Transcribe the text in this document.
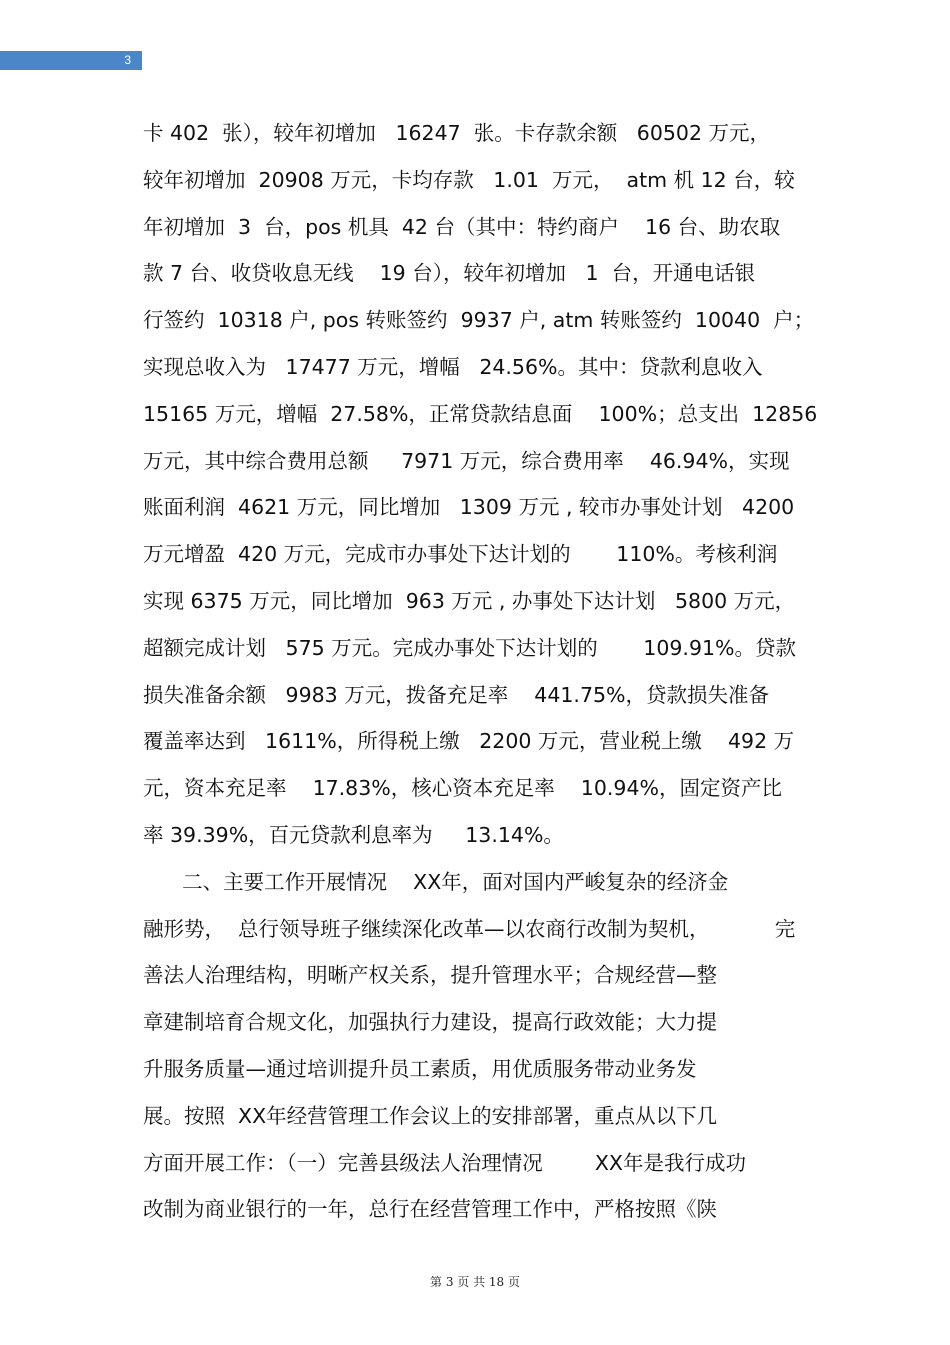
3
卡 402  张），较年初增加   16247  张。卡存款余额   60502 万元，
较年初增加  20908 万元，卡均存款   1.01  万元，  atm 机 12 台，较
年初增加  3  台，pos 机具  42 台（其中：特约商户    16 台、助农取
款 7 台、收贷收息无线    19 台），较年初增加   1  台，开通电话银
行签约  10318 户, pos 转账签约  9937 户, atm 转账签约  10040  户；
实现总收入为   17477 万元，增幅   24.56%。其中：贷款利息收入
15165 万元，增幅  27.58%，正常贷款结息面    100%；总支出  12856
万元，其中综合费用总额     7971 万元，综合费用率    46.94%，实现
账面利润  4621 万元，同比增加   1309 万元 , 较市办事处计划   4200
万元增盈  420 万元，完成市办事处下达计划的       110%。考核利润
实现 6375 万元，同比增加  963 万元 , 办事处下达计划   5800 万元，
超额完成计划   575 万元。完成办事处下达计划的       109.91%。贷款
损失准备余额   9983 万元，拨备充足率    441.75%，贷款损失准备
覆盖率达到   1611%，所得税上缴   2200 万元，营业税上缴    492 万
元，资本充足率    17.83%，核心资本充足率    10.94%，固定资产比
率 39.39%，百元贷款利息率为     13.14%。
二、主要工作开展情况    XX年，面对国内严峻复杂的经济金
融形势，  总行领导班子继续深化改革—以农商行改制为契机，          完
善法人治理结构，明晰产权关系，提升管理水平；合规经营—整
章建制培育合规文化，加强执行力建设，提高行政效能；大力提
升服务质量—通过培训提升员工素质，用优质服务带动业务发
展。按照  XX年经营管理工作会议上的安排部署，重点从以下几
方面开展工作：（一）完善县级法人治理情况        XX年是我行成功
改制为商业银行的一年，总行在经营管理工作中，严格按照《陕
第 3 页 共 18 页
